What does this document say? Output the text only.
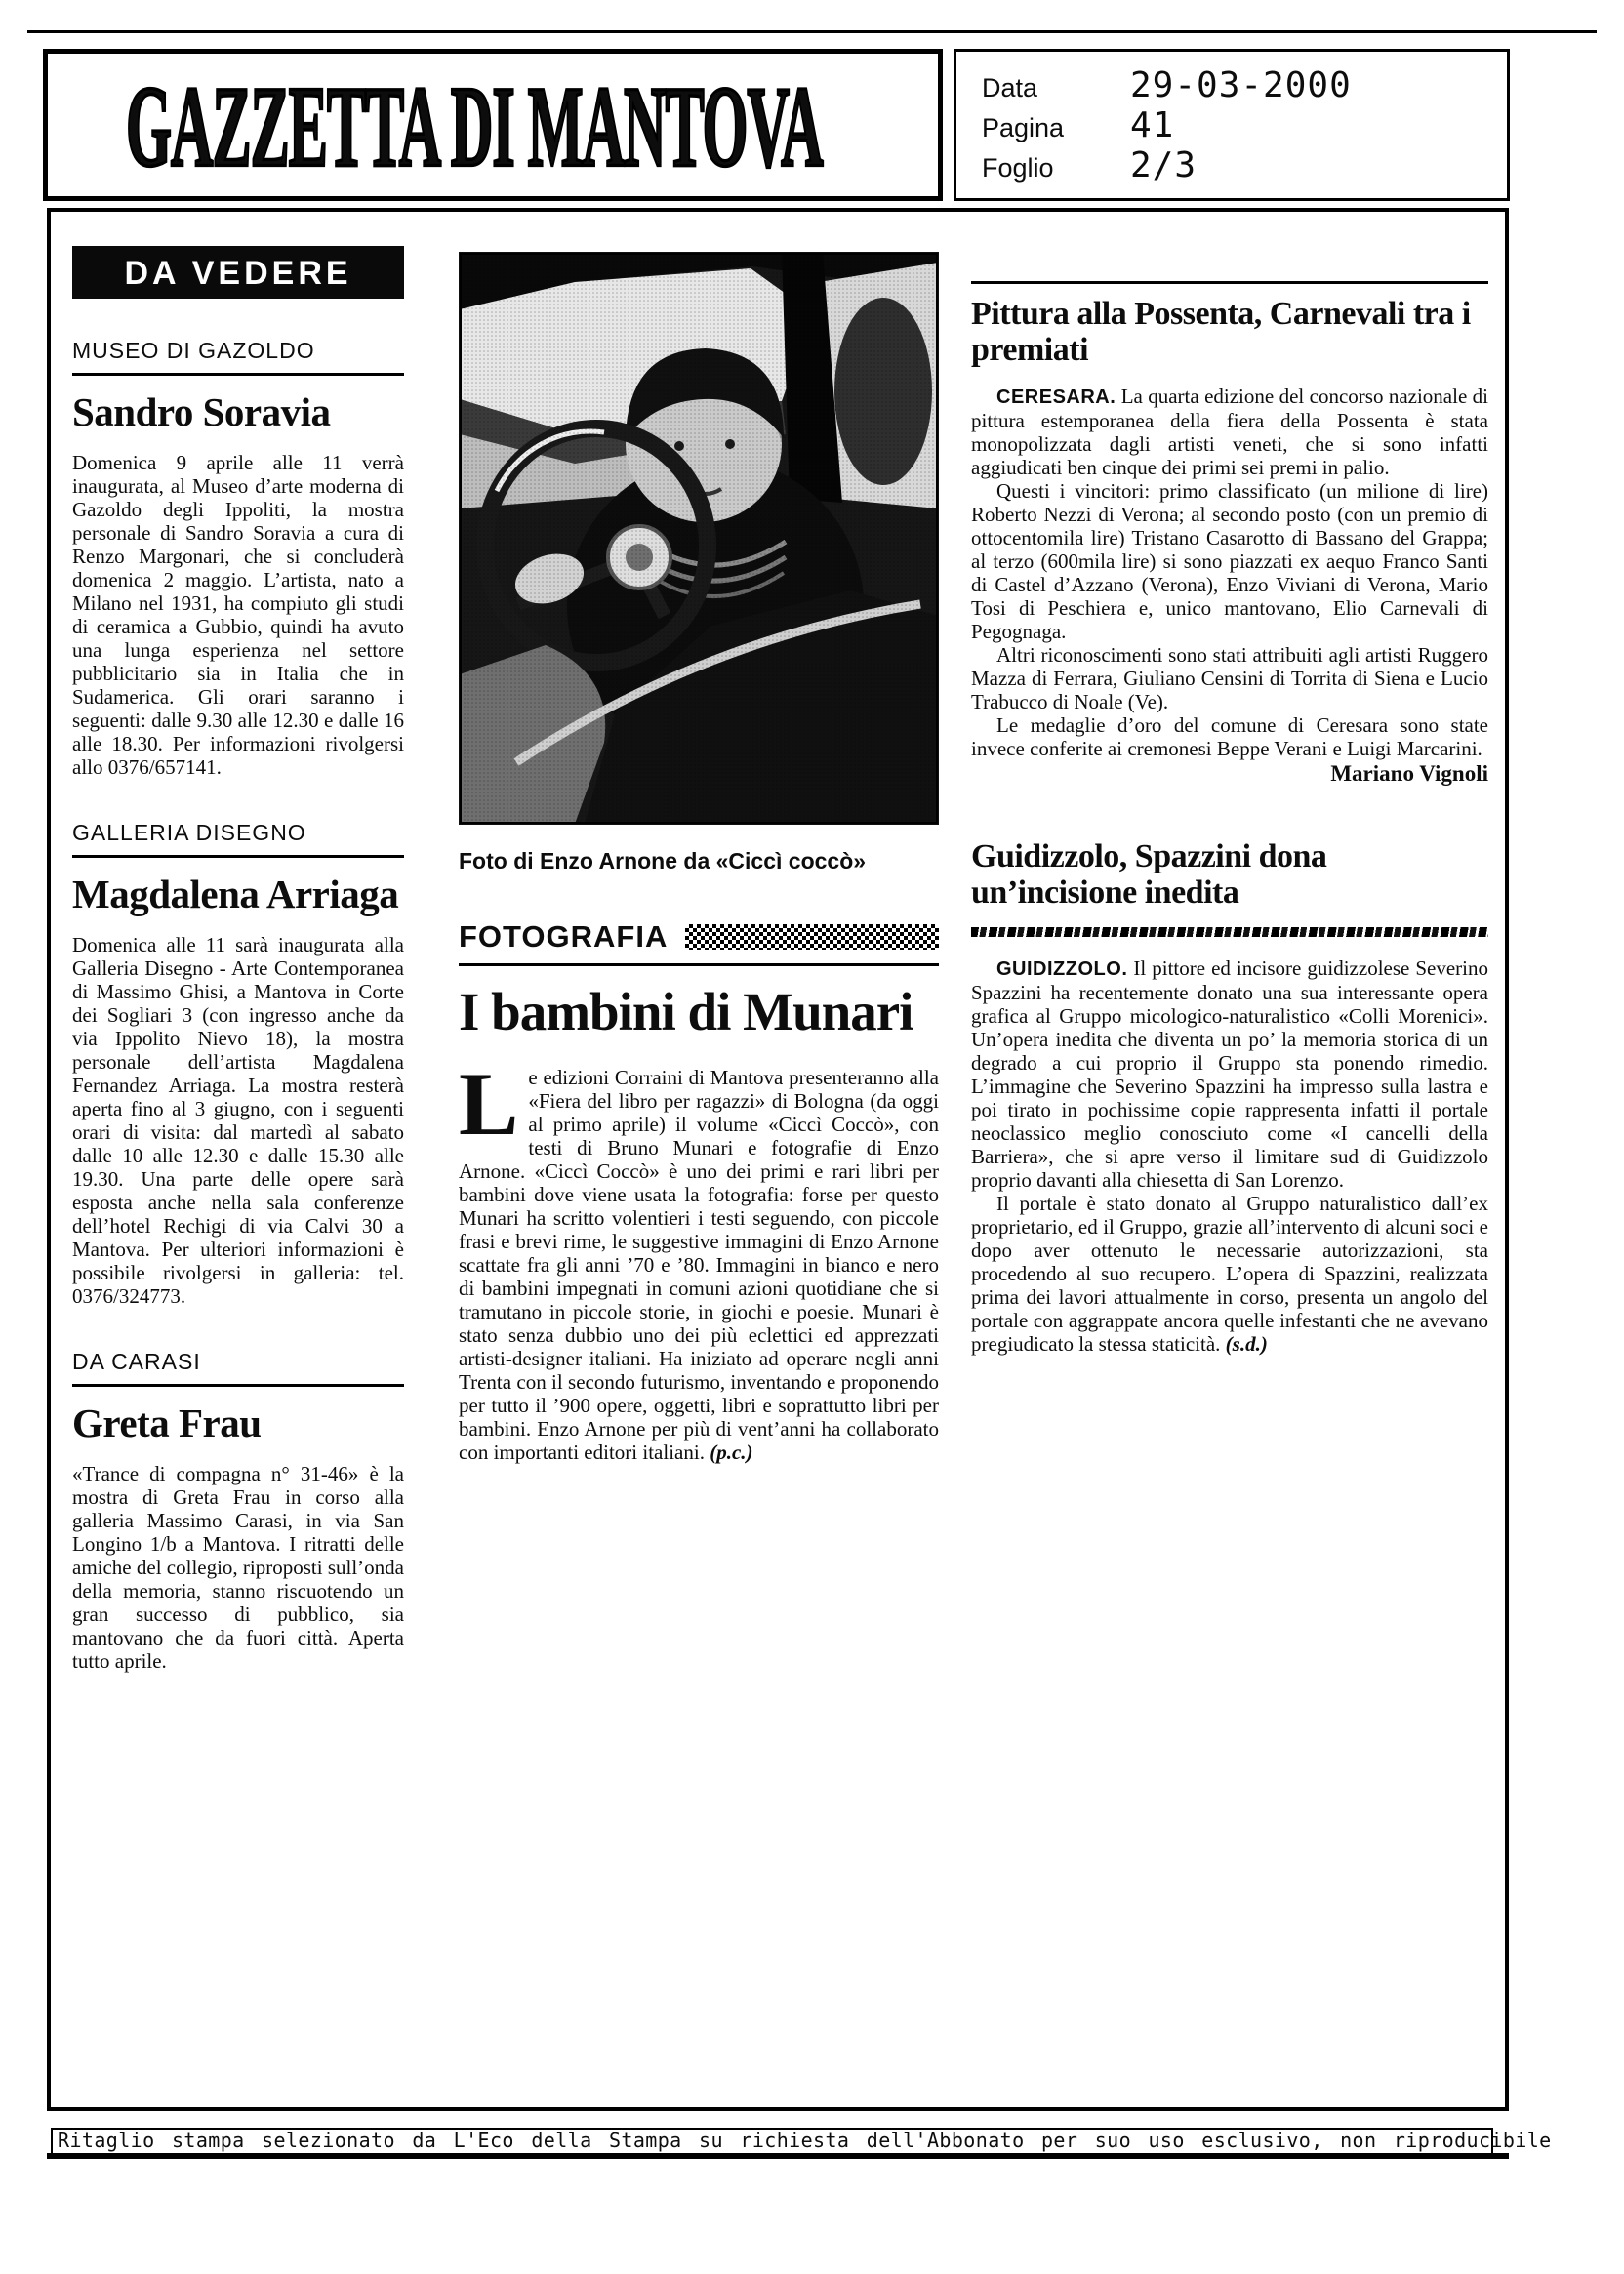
GAZZETTA DI MANTOVA	Data	29-03-2000
Pagina	41
Foglio	2/3
DA VEDERE
MUSEO DI GAZOLDO
Sandro Soravia

Domenica 9 aprile alle 11 verrà inaugurata, al Museo d’arte moderna di Gazoldo degli Ippoliti, la mostra personale di Sandro Soravia a cura di Renzo Margonari, che si concluderà domenica 2 maggio. L’artista, nato a Milano nel 1931, ha compiuto gli studi di ceramica a Gubbio, quindi ha avuto una lunga esperienza nel settore pubblicitario sia in Italia che in Sudamerica. Gli orari saranno i seguenti: dalle 9.30 alle 12.30 e dalle 16 alle 18.30. Per informazioni rivolgersi allo 0376/657141.

GALLERIA DISEGNO
Magdalena Arriaga

Domenica alle 11 sarà inaugurata alla Galleria Disegno - Arte Contemporanea di Massimo Ghisi, a Mantova in Corte dei Sogliari 3 (con ingresso anche da via Ippolito Nievo 18), la mostra personale dell’artista Magdalena Fernandez Arriaga. La mostra resterà aperta fino al 3 giugno, con i seguenti orari di visita: dal martedì al sabato dalle 10 alle 12.30 e dalle 15.30 alle 19.30. Una parte delle opere sarà esposta anche nella sala conferenze dell’hotel Rechigi di via Calvi 30 a Mantova. Per ulteriori informazioni è possibile rivolgersi in galleria: tel. 0376/324773.

DA CARASI
Greta Frau

«Trance di compagna n° 31-46» è la mostra di Greta Frau in corso alla galleria Massimo Carasi, in via San Longino 1/b a Mantova. I ritratti delle amiche del collegio, riproposti sull’onda della memoria, stanno riscuotendo un gran successo di pubblico, sia mantovano che da fuori città. Aperta tutto aprile.

Foto di Enzo Arnone da «Ciccì coccò»
FOTOGRAFIA
I bambini di Munari

Le edizioni Corraini di Mantova presenteranno alla «Fiera del libro per ragazzi» di Bologna (da oggi al primo aprile) il volume «Ciccì Coccò», con testi di Bruno Munari e fotografie di Enzo Arnone. «Ciccì Coccò» è uno dei primi e rari libri per bambini dove viene usata la fotografia: forse per questo Munari ha scritto volentieri i testi seguendo, con piccole frasi e brevi rime, le suggestive immagini di Enzo Arnone scattate fra gli anni ’70 e ’80. Immagini in bianco e nero di bambini impegnati in comuni azioni quotidiane che si tramutano in piccole storie, in giochi e poesie. Munari è stato senza dubbio uno dei più eclettici ed apprezzati artisti-designer italiani. Ha iniziato ad operare negli anni Trenta con il secondo futurismo, inventando e proponendo per tutto il ’900 opere, oggetti, libri e soprattutto libri per bambini. Enzo Arnone per più di vent’anni ha collaborato con importanti editori italiani. (p.c.)

Pittura alla Possenta, Carnevali tra i premiati

CERESARA. La quarta edizione del concorso nazionale di pittura estemporanea della fiera della Possenta è stata monopolizzata dagli artisti veneti, che si sono infatti aggiudicati ben cinque dei primi sei premi in palio.

Questi i vincitori: primo classificato (un milione di lire) Roberto Nezzi di Verona; al secondo posto (con un premio di ottocentomila lire) Tristano Casarotto di Bassano del Grappa; al terzo (600mila lire) si sono piazzati ex aequo Franco Santi di Castel d’Azzano (Verona), Enzo Viviani di Verona, Mario Tosi di Peschiera e, unico mantovano, Elio Carnevali di Pegognaga.

Altri riconoscimenti sono stati attribuiti agli artisti Ruggero Mazza di Ferrara, Giuliano Censini di Torrita di Siena e Lucio Trabucco di Noale (Ve).

Le medaglie d’oro del comune di Ceresara sono state invece conferite ai cremonesi Beppe Verani e Luigi Marcarini.

Mariano Vignoli
Guidizzolo, Spazzini dona un’incisione inedita

GUIDIZZOLO. Il pittore ed incisore guidizzolese Severino Spazzini ha recentemente donato una sua interessante opera grafica al Gruppo micologico-naturalistico «Colli Morenici». Un’opera inedita che diventa un po’ la memoria storica di un degrado a cui proprio il Gruppo sta ponendo rimedio. L’immagine che Severino Spazzini ha impresso sulla lastra e poi tirato in pochissime copie rappresenta infatti il portale neoclassico meglio conosciuto come «I cancelli della Barriera», che si apre verso il limitare sud di Guidizzolo proprio davanti alla chiesetta di San Lorenzo.

Il portale è stato donato al Gruppo naturalistico dall’ex proprietario, ed il Gruppo, grazie all’intervento di alcuni soci e dopo aver ottenuto le necessarie autorizzazioni, sta procedendo al suo recupero. L’opera di Spazzini, realizzata prima dei lavori attualmente in corso, presenta un angolo del portale con aggrappate ancora quelle infestanti che ne avevano pregiudicato la stessa staticità. (s.d.)

Ritaglio stampa selezionato da L'Eco della Stampa su richiesta dell'Abbonato per suo uso esclusivo, non riproducibile
